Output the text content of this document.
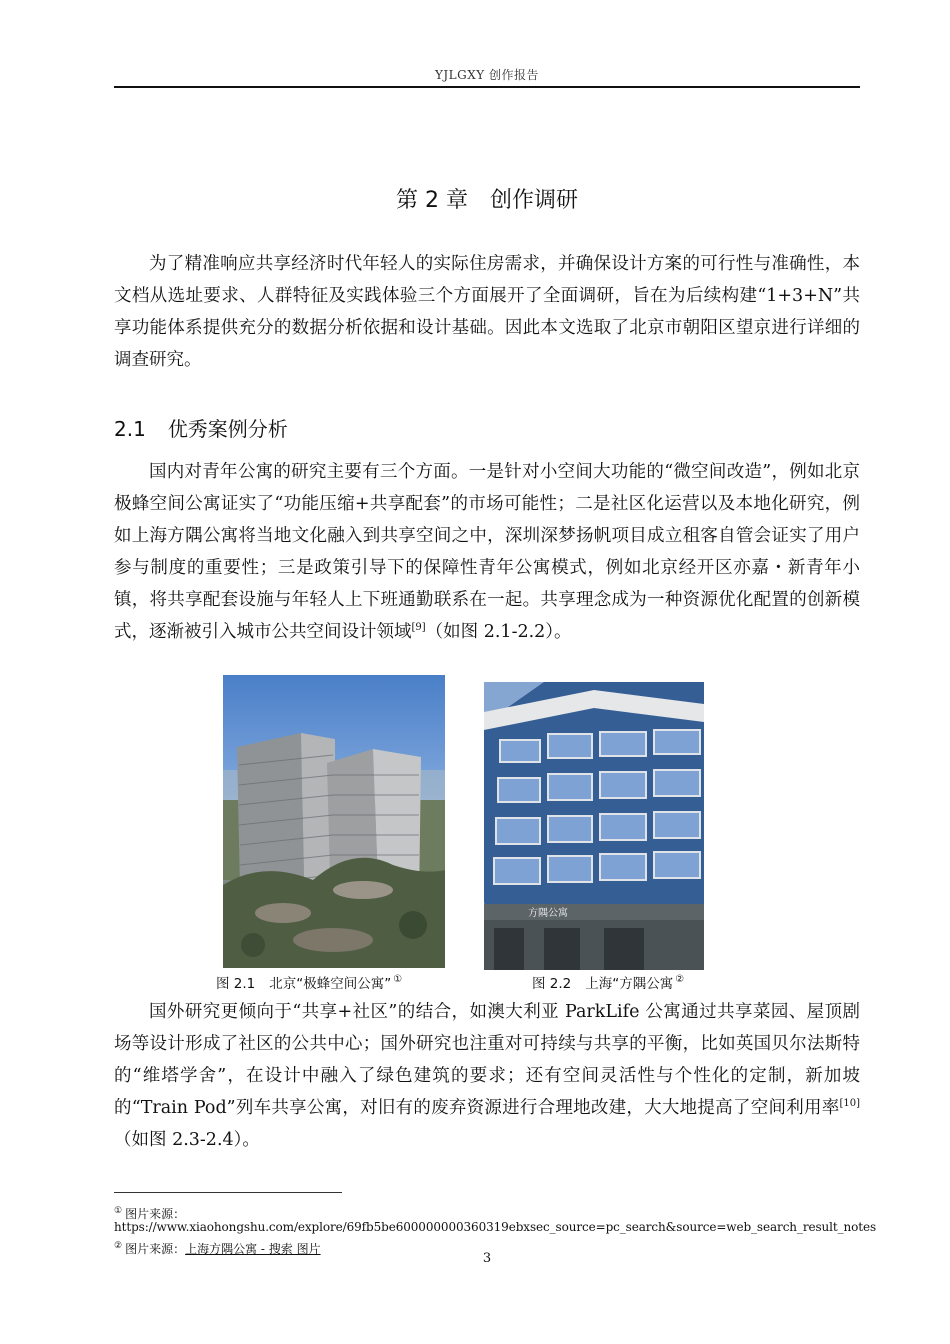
YJLGXY 创作报告
第 2 章　创作调研

为了精准响应共享经济时代年轻人的实际住房需求，并确保设计方案的可行性与准确性，本文档从选址要求、人群特征及实践体验三个方面展开了全面调研，旨在为后续构建“1+3+N”共享功能体系提供充分的数据分析依据和设计基础。因此本文选取了北京市朝阳区望京进行详细的调查研究。

2.1 优秀案例分析

国内对青年公寓的研究主要有三个方面。一是针对小空间大功能的“微空间改造”，例如北京极蜂空间公寓证实了“功能压缩+共享配套”的市场可能性；二是社区化运营以及本地化研究，例如上海方隅公寓将当地文化融入到共享空间之中，深圳深梦扬帆项目成立租客自管会证实了用户参与制度的重要性；三是政策引导下的保障性青年公寓模式，例如北京经开区亦嘉・新青年小镇，将共享配套设施与年轻人上下班通勤联系在一起。共享理念成为一种资源优化配置的创新模式，逐渐被引入城市公共空间设计领域[9]（如图 2.1-2.2）。

方隅公寓
图 2.1 北京“极蜂空间公寓” ①	图 2.2 上海“方隅公寓 ②

国外研究更倾向于“共享+社区”的结合，如澳大利亚 ParkLife 公寓通过共享菜园、屋顶剧场等设计形成了社区的公共中心；国外研究也注重对可持续与共享的平衡，比如英国贝尔法斯特的“维塔学舍”，在设计中融入了绿色建筑的要求；还有空间灵活性与个性化的定制，新加坡的“Train Pod”列车共享公寓，对旧有的废弃资源进行合理地改建，大大地提高了空间利用率[10]（如图 2.3-2.4）。

① 图片来源：
https://www.xiaohongshu.com/explore/69fb5be600000000360319ebxsec_source=pc_search&source=web_search_result_notes
② 图片来源：上海方隅公寓 - 搜索 图片
3
